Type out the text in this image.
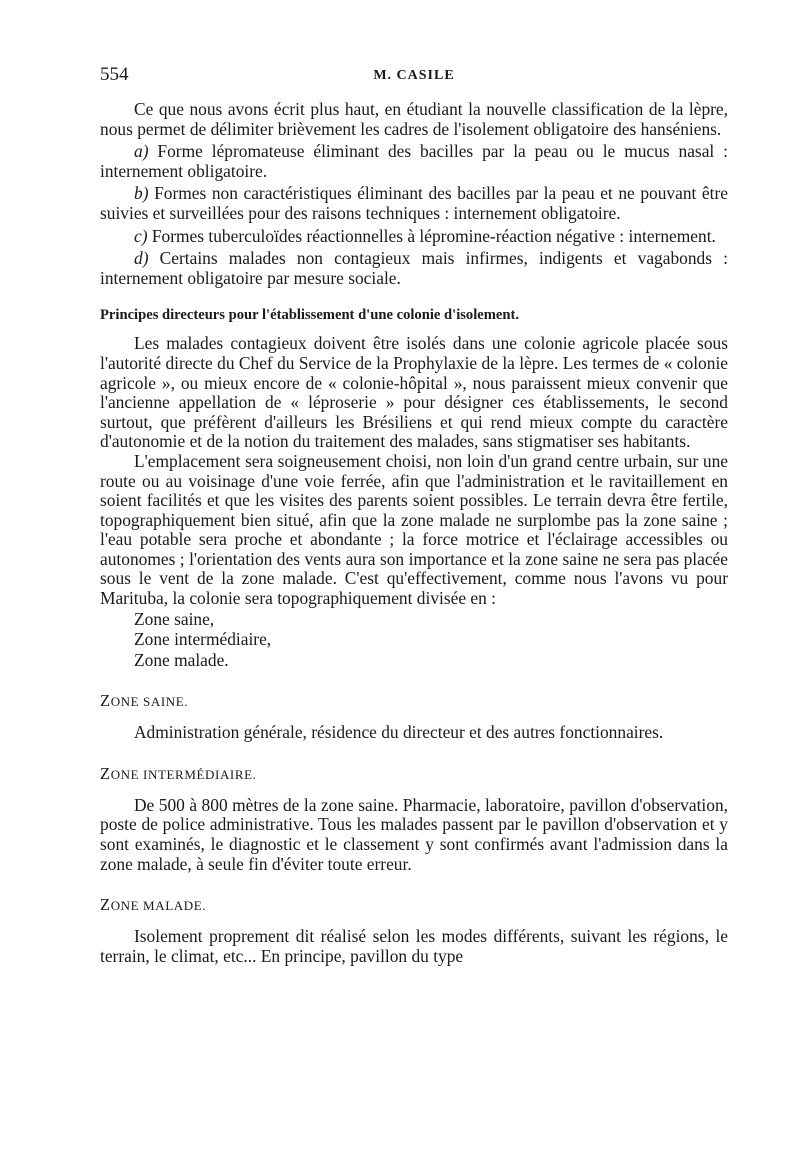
554	M. CASILE

Ce que nous avons écrit plus haut, en étudiant la nouvelle classification de la lèpre, nous permet de délimiter brièvement les cadres de l'isolement obligatoire des hanséniens.

a) Forme lépromateuse éliminant des bacilles par la peau ou le mucus nasal : internement obligatoire.

b) Formes non caractéristiques éliminant des bacilles par la peau et ne pouvant être suivies et surveillées pour des raisons techniques : internement obligatoire.

c) Formes tuberculoïdes réactionnelles à lépromine-réaction négative : internement.

d) Certains malades non contagieux mais infirmes, indigents et vagabonds : internement obligatoire par mesure sociale.

Principes directeurs pour l'établissement d'une colonie d'isolement.

Les malades contagieux doivent être isolés dans une colonie agricole placée sous l'autorité directe du Chef du Service de la Prophylaxie de la lèpre. Les termes de « colonie agricole », ou mieux encore de « colonie-hôpital », nous paraissent mieux convenir que l'ancienne appellation de « léproserie » pour désigner ces établissements, le second surtout, que préfèrent d'ailleurs les Brésiliens et qui rend mieux compte du caractère d'autonomie et de la notion du traitement des malades, sans stigmatiser ses habitants.

L'emplacement sera soigneusement choisi, non loin d'un grand centre urbain, sur une route ou au voisinage d'une voie ferrée, afin que l'administration et le ravitaillement en soient facilités et que les visites des parents soient possibles. Le terrain devra être fertile, topographiquement bien situé, afin que la zone malade ne surplombe pas la zone saine ; l'eau potable sera proche et abondante ; la force motrice et l'éclairage accessibles ou autonomes ; l'orientation des vents aura son importance et la zone saine ne sera pas placée sous le vent de la zone malade. C'est qu'effectivement, comme nous l'avons vu pour Marituba, la colonie sera topographiquement divisée en :

Zone saine,
Zone intermédiaire,
Zone malade.
ZONE SAINE.

Administration générale, résidence du directeur et des autres fonctionnaires.

ZONE INTERMÉDIAIRE.

De 500 à 800 mètres de la zone saine. Pharmacie, laboratoire, pavillon d'observation, poste de police administrative. Tous les malades passent par le pavillon d'observation et y sont examinés, le diagnostic et le classement y sont confirmés avant l'admission dans la zone malade, à seule fin d'éviter toute erreur.

ZONE MALADE.

Isolement proprement dit réalisé selon les modes différents, suivant les régions, le terrain, le climat, etc... En principe, pavillon du type
